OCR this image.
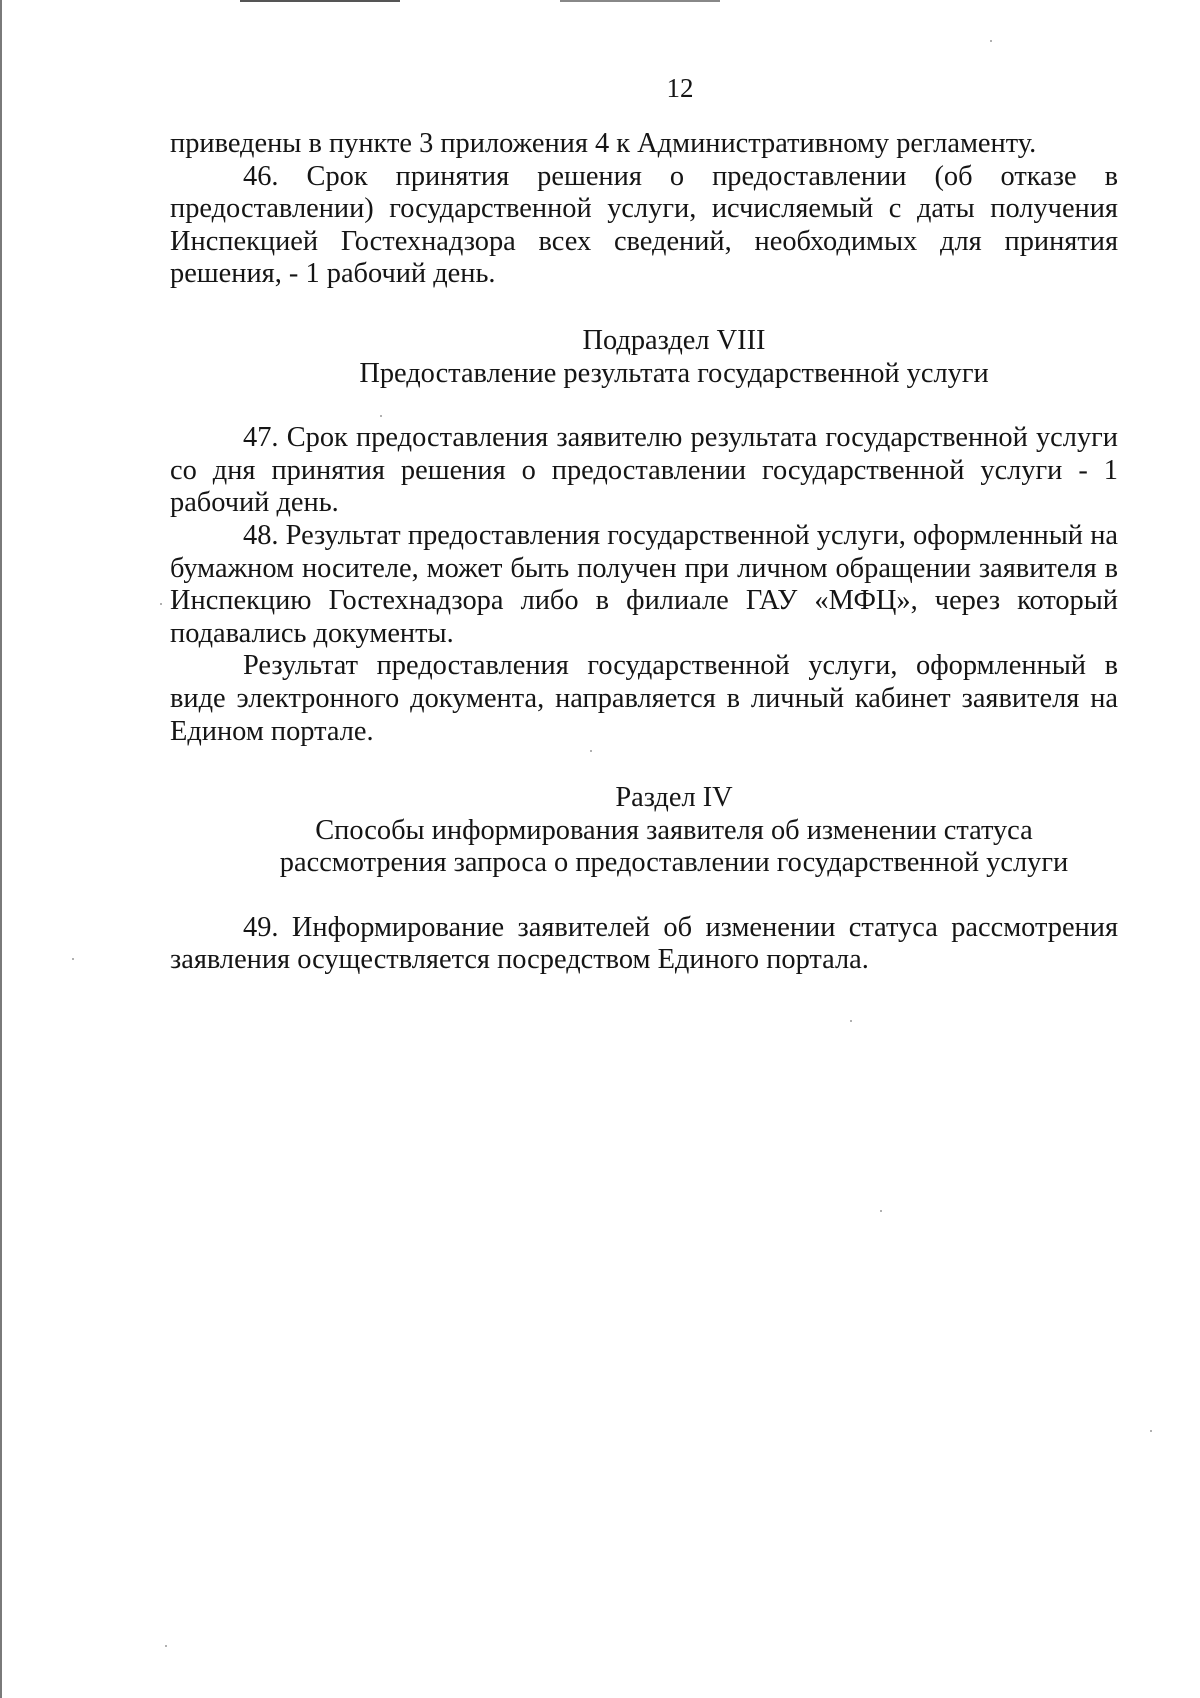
12

приведены в пункте 3 приложения 4 к Административному регламенту.

46. Срок принятия решения о предоставлении (об отказе в предоставлении) государственной услуги, исчисляемый с даты получения Инспекцией Гостехнадзора всех сведений, необходимых для принятия решения, - 1 рабочий день.

Подраздел VIII

Предоставление результата государственной услуги

47. Срок предоставления заявителю результата государственной услуги со дня принятия решения о предоставлении государственной услуги - 1 рабочий день.

48. Результат предоставления государственной услуги, оформленный на бумажном носителе, может быть получен при личном обращении заявителя в Инспекцию Гостехнадзора либо в филиале ГАУ «МФЦ», через который подавались документы.

Результат предоставления государственной услуги, оформленный в виде электронного документа, направляется в личный кабинет заявителя на Едином портале.

Раздел IV

Способы информирования заявителя об изменении статуса

рассмотрения запроса о предоставлении государственной услуги

49. Информирование заявителей об изменении статуса рассмотрения заявления осуществляется посредством Единого портала.
